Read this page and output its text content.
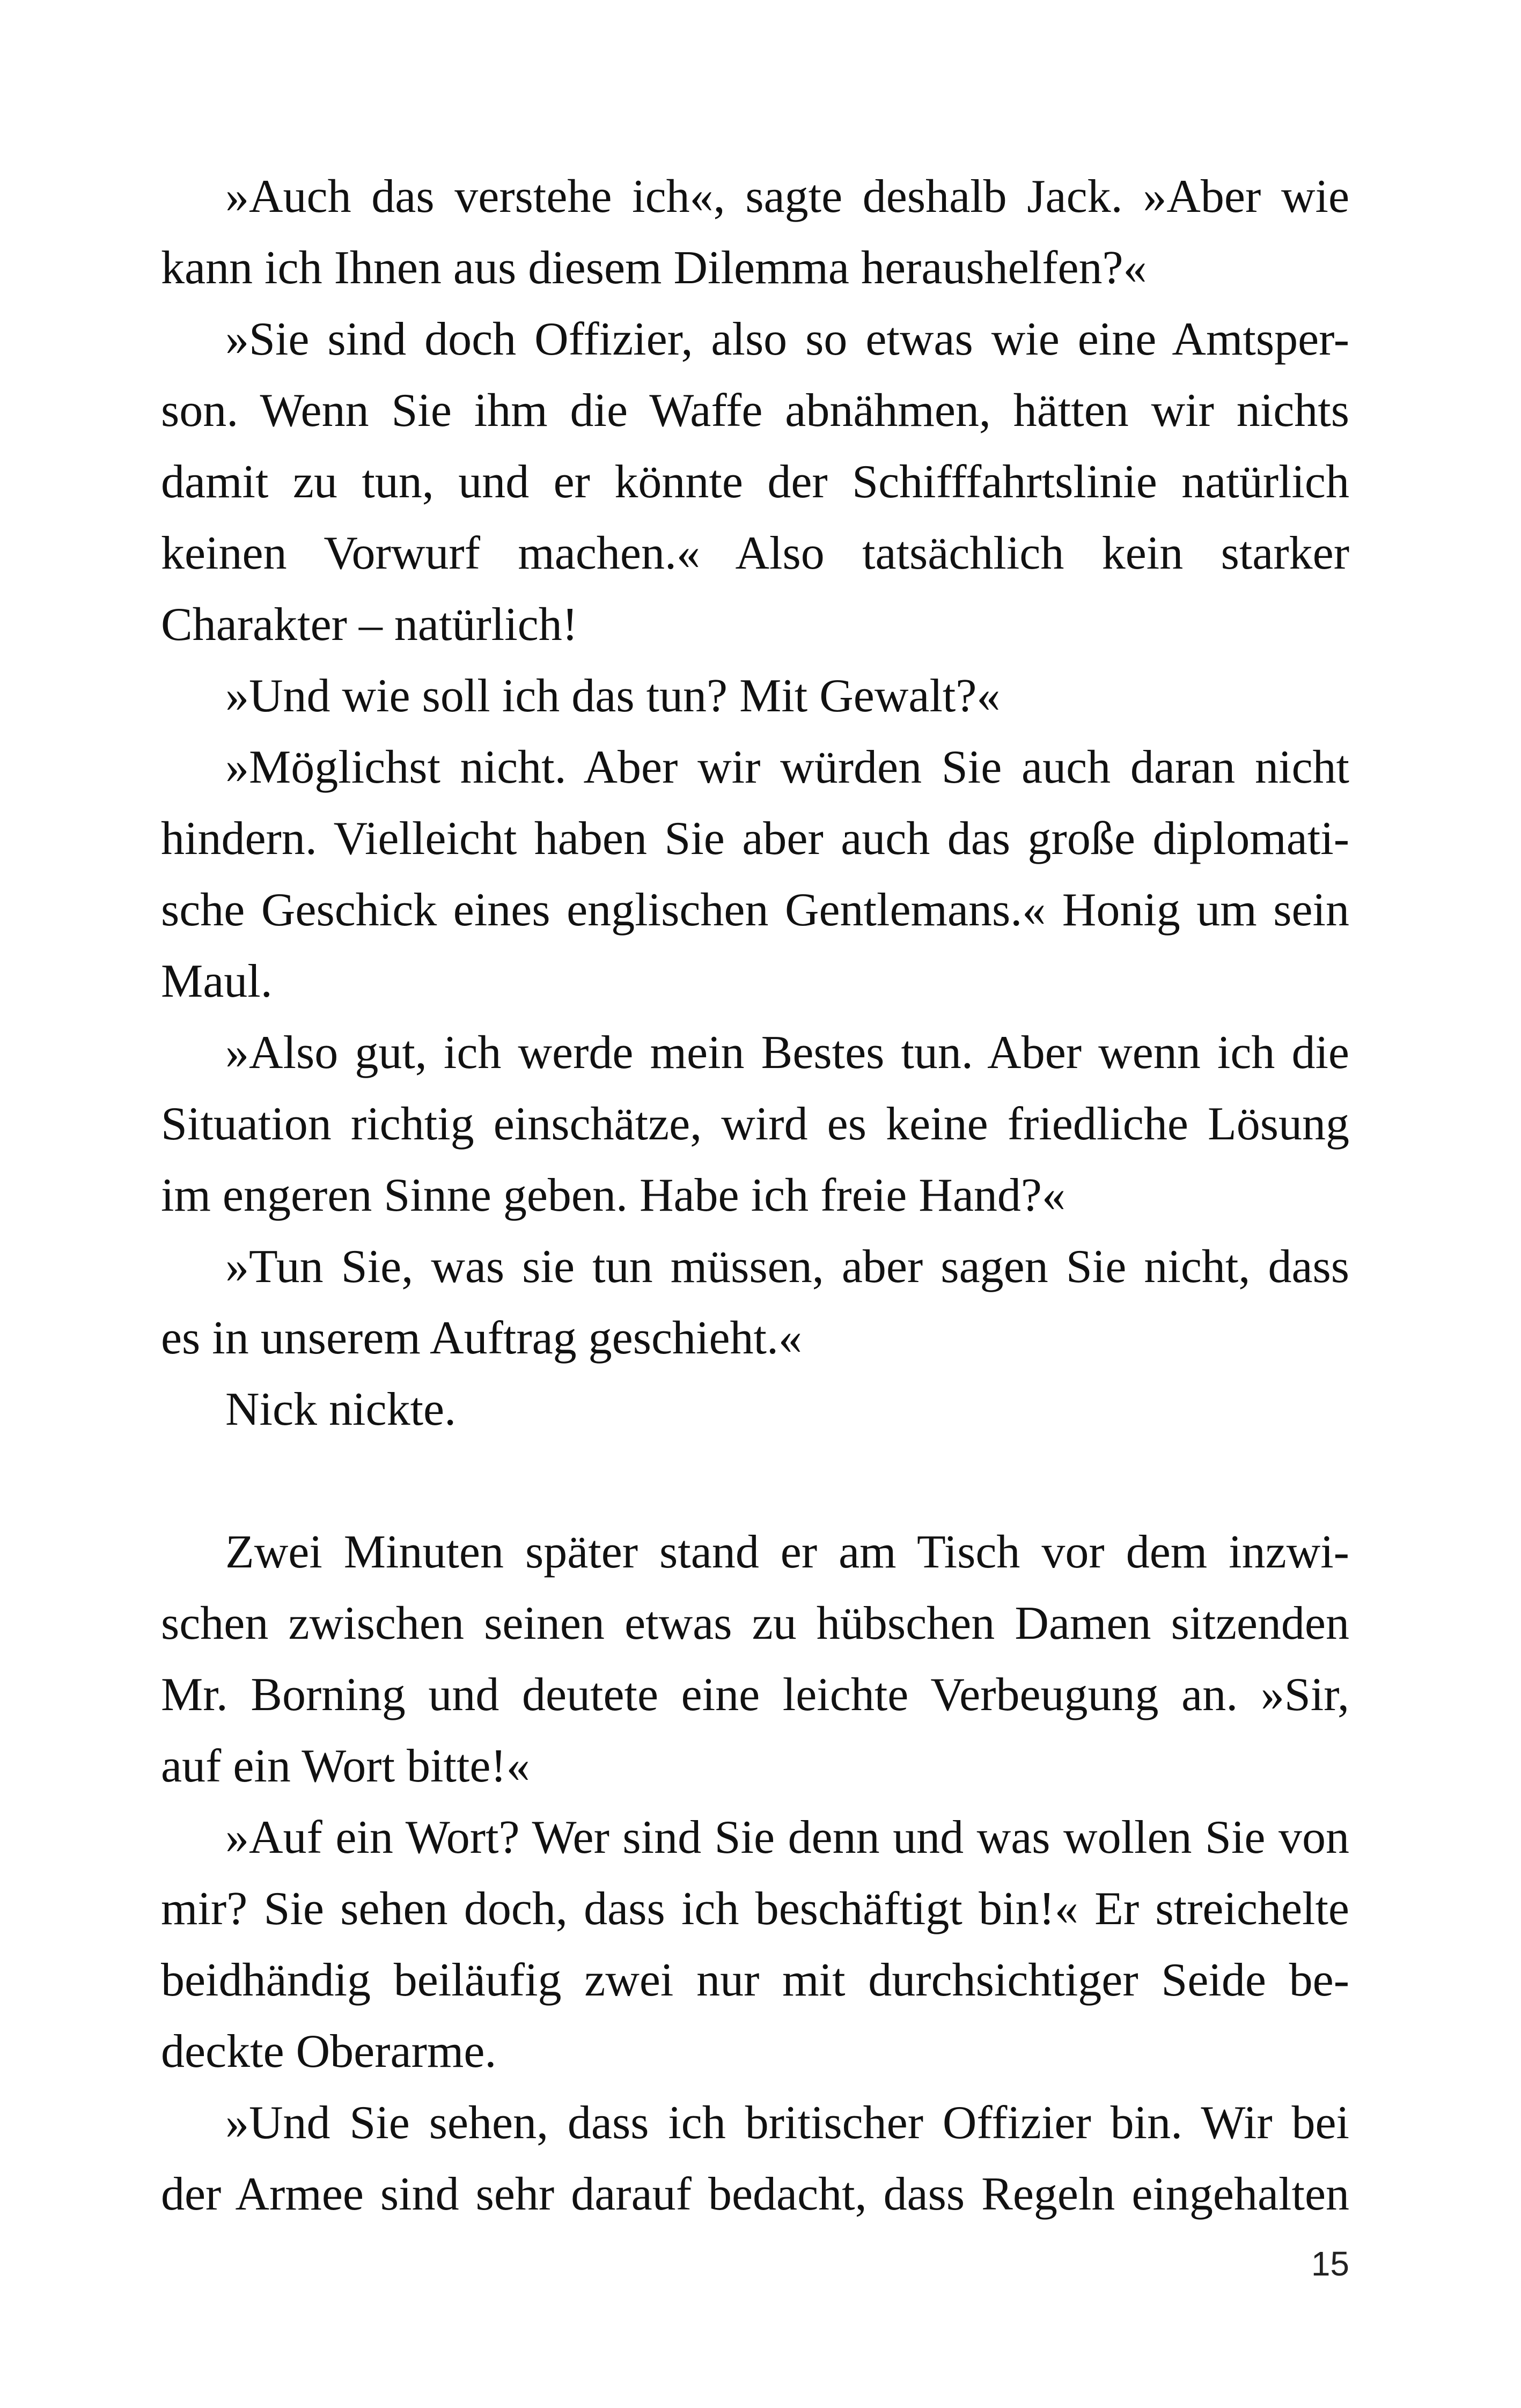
»Auch das verstehe ich«, sagte deshalb Jack. »Aber wie
kann ich Ihnen aus diesem Dilemma heraushelfen?«
»Sie sind doch Offizier, also so etwas wie eine Amtsper-
son. Wenn Sie ihm die Waffe abnähmen, hätten wir nichts
damit zu tun, und er könnte der Schifffahrtslinie natürlich
keinen Vorwurf machen.« Also tatsächlich kein starker
Charakter – natürlich!
»Und wie soll ich das tun? Mit Gewalt?«
»Möglichst nicht. Aber wir würden Sie auch daran nicht
hindern. Vielleicht haben Sie aber auch das große diplomati-
sche Geschick eines englischen Gentlemans.« Honig um sein
Maul.
»Also gut, ich werde mein Bestes tun. Aber wenn ich die
Situation richtig einschätze, wird es keine friedliche Lösung
im engeren Sinne geben. Habe ich freie Hand?«
»Tun Sie, was sie tun müssen, aber sagen Sie nicht, dass
es in unserem Auftrag geschieht.«
Nick nickte.
Zwei Minuten später stand er am Tisch vor dem inzwi-
schen zwischen seinen etwas zu hübschen Damen sitzenden
Mr. Borning und deutete eine leichte Verbeugung an. »Sir,
auf ein Wort bitte!«
»Auf ein Wort? Wer sind Sie denn und was wollen Sie von
mir? Sie sehen doch, dass ich beschäftigt bin!« Er streichelte
beidhändig beiläufig zwei nur mit durchsichtiger Seide be-
deckte Oberarme.
»Und Sie sehen, dass ich britischer Offizier bin. Wir bei
der Armee sind sehr darauf bedacht, dass Regeln eingehalten
15
